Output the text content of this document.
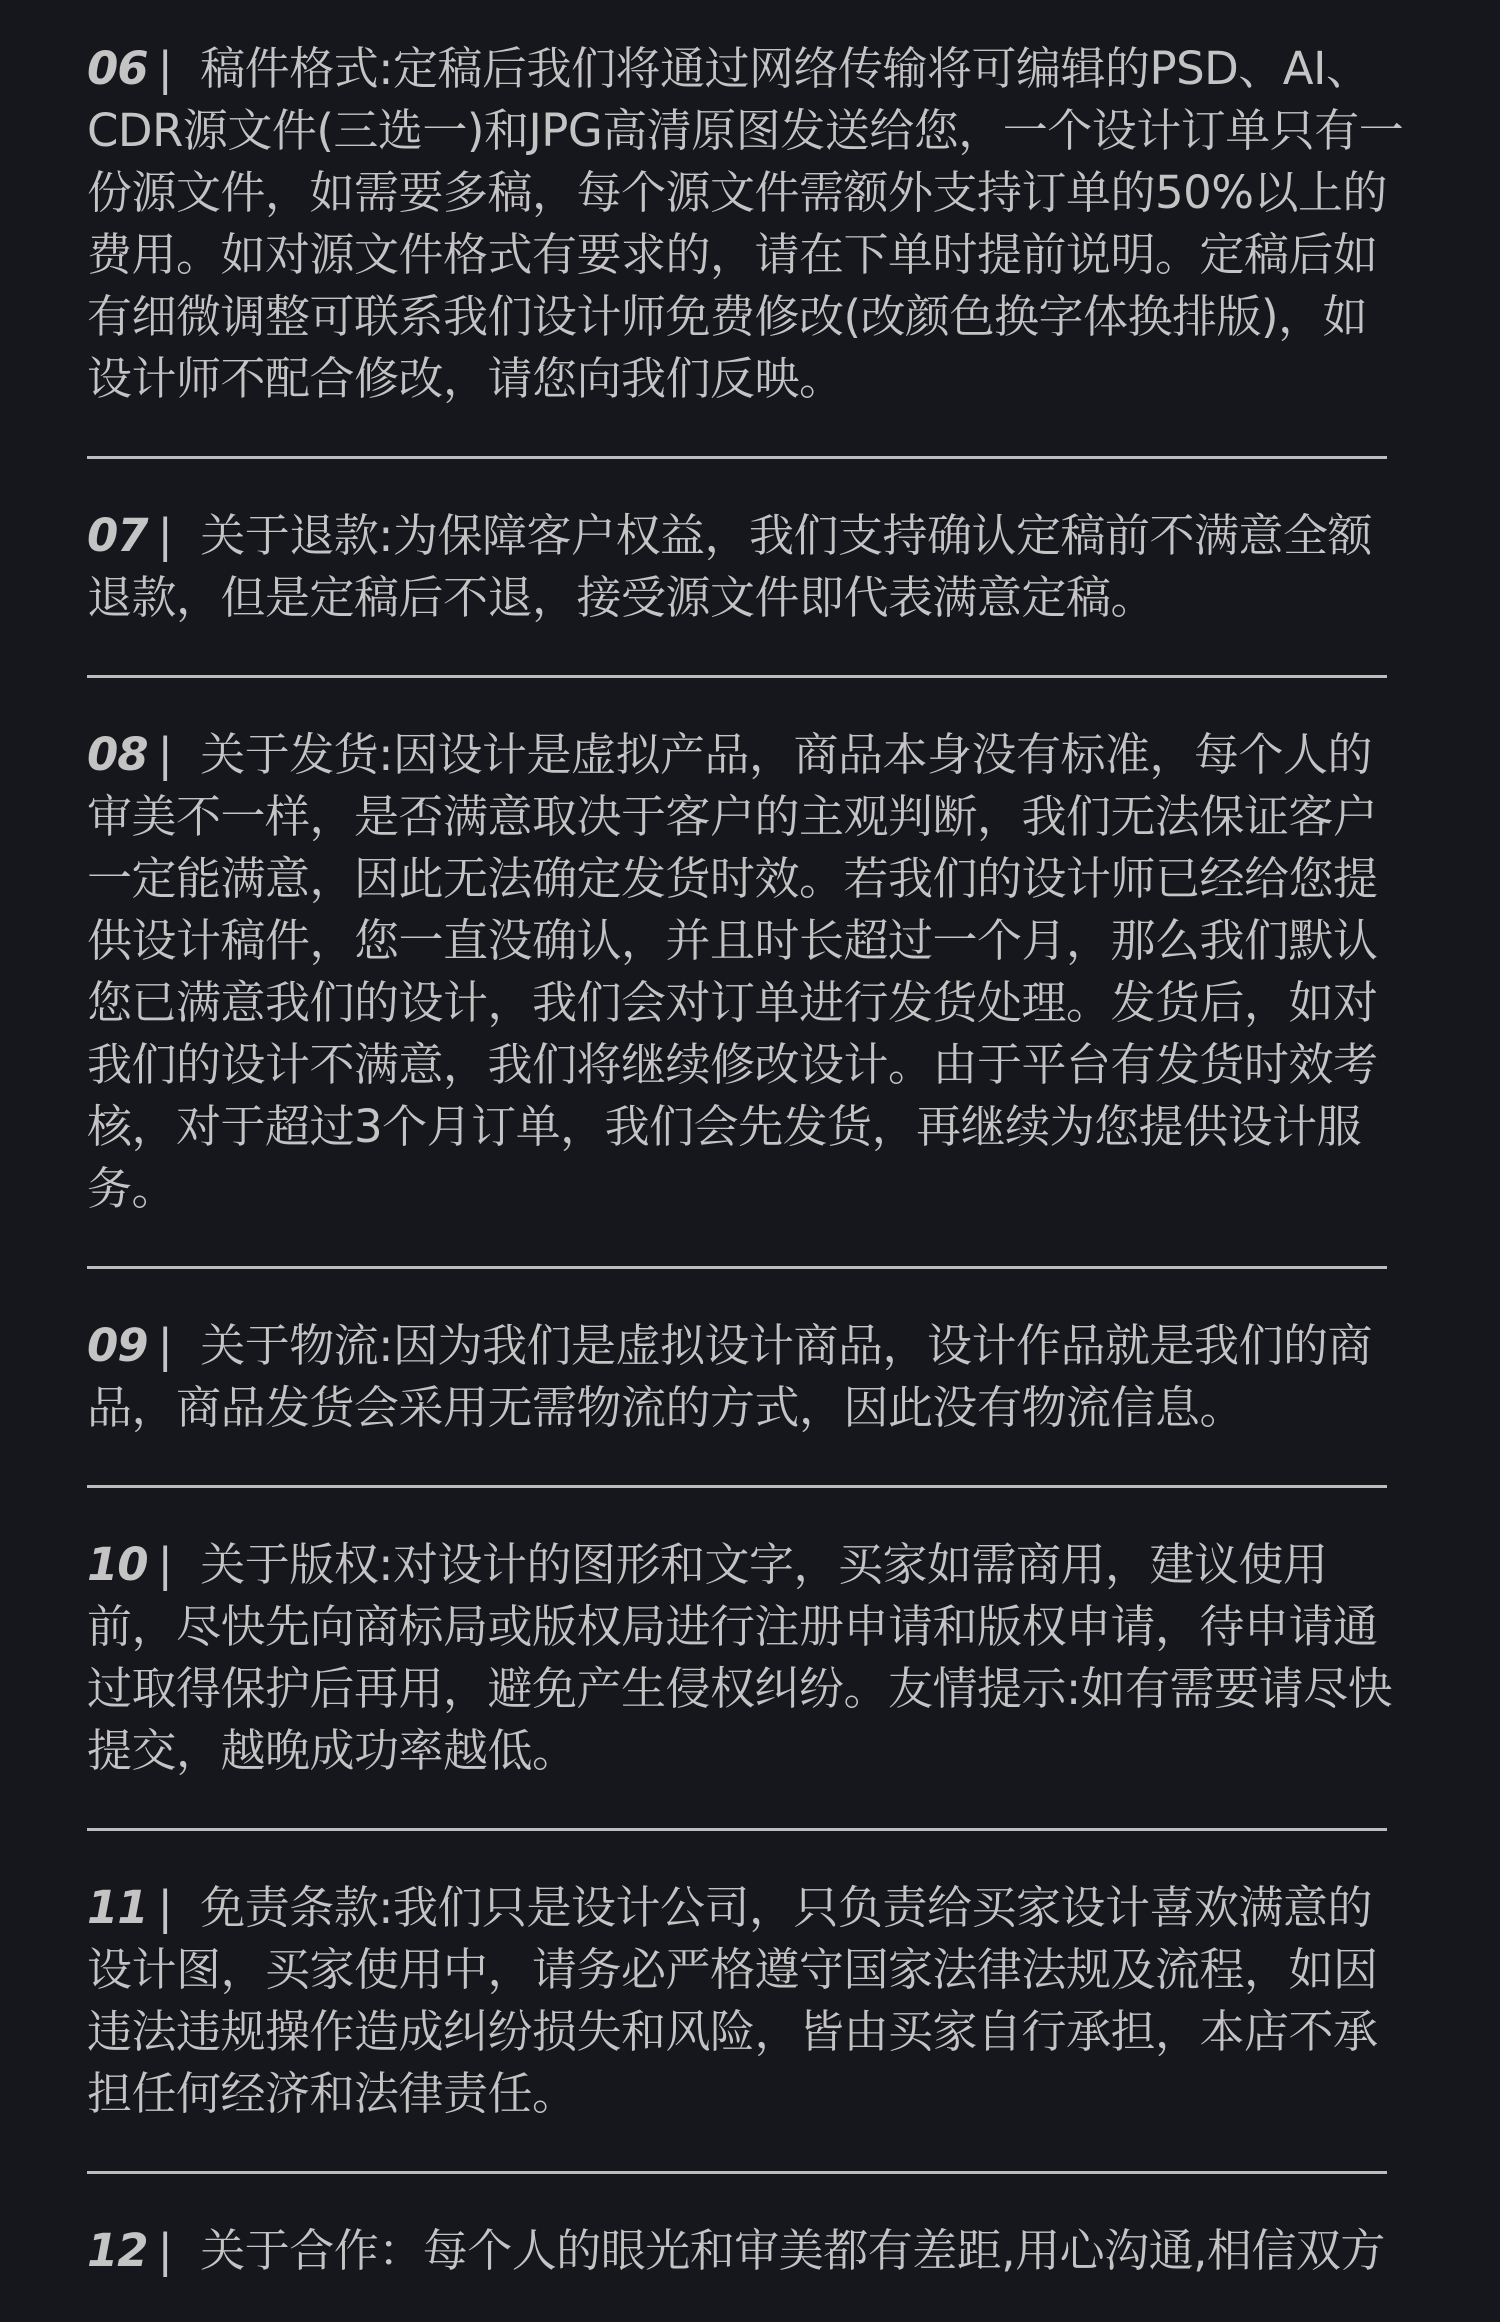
06 | 稿件格式:定稿后我们将通过网络传输将可编辑的PSD、AI、CDR源文件(三选一)和JPG高清原图发送给您，一个设计订单只有一份源文件，如需要多稿，每个源文件需额外支持订单的50%以上的费用。如对源文件格式有要求的，请在下单时提前说明。定稿后如有细微调整可联系我们设计师免费修改(改颜色换字体换排版)，如设计师不配合修改，请您向我们反映。
07 | 关于退款:为保障客户权益，我们支持确认定稿前不满意全额退款，但是定稿后不退，接受源文件即代表满意定稿。
08 | 关于发货:因设计是虚拟产品，商品本身没有标准，每个人的审美不一样，是否满意取决于客户的主观判断，我们无法保证客户一定能满意，因此无法确定发货时效。若我们的设计师已经给您提供设计稿件，您一直没确认，并且时长超过一个月，那么我们默认您已满意我们的设计，我们会对订单进行发货处理。发货后，如对我们的设计不满意，我们将继续修改设计。由于平台有发货时效考核，对于超过3个月订单，我们会先发货，再继续为您提供设计服务。
09 | 关于物流:因为我们是虚拟设计商品，设计作品就是我们的商品，商品发货会采用无需物流的方式，因此没有物流信息。
10 | 关于版权:对设计的图形和文字，买家如需商用，建议使用前，尽快先向商标局或版权局进行注册申请和版权申请，待申请通过取得保护后再用，避免产生侵权纠纷。友情提示:如有需要请尽快提交，越晚成功率越低。
11 | 免责条款:我们只是设计公司，只负责给买家设计喜欢满意的设计图，买家使用中，请务必严格遵守国家法律法规及流程，如因违法违规操作造成纠纷损失和风险，皆由买家自行承担，本店不承担任何经济和法律责任。
12 | 关于合作：每个人的眼光和审美都有差距,用心沟通,相信双方
